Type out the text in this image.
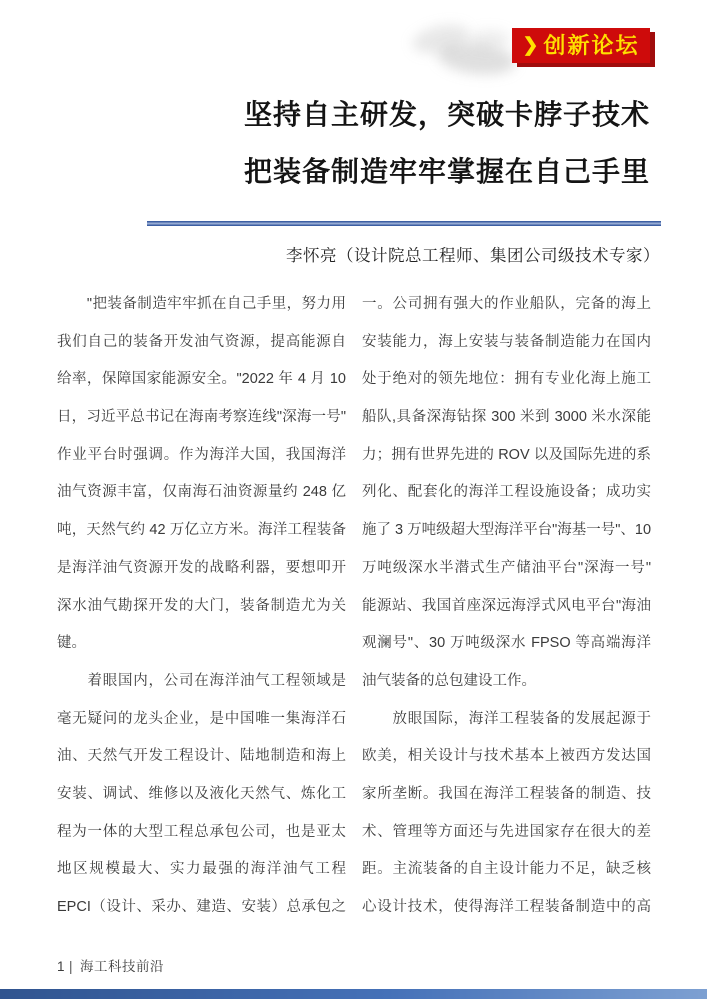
❯ 创新论坛
坚持自主研发，突破卡脖子技术
把装备制造牢牢掌握在自己手里
李怀亮（设计院总工程师、集团公司级技术专家）
　　"把装备制造牢牢抓在自己手里，努力用
我们自己的装备开发油气资源，提高能源自
给率，保障国家能源安全。"2022 年 4 月 10
日，习近平总书记在海南考察连线"深海一号"
作业平台时强调。作为海洋大国，我国海洋
油气资源丰富，仅南海石油资源量约 248 亿
吨，天然气约 42 万亿立方米。海洋工程装备
是海洋油气资源开发的战略利器，要想叩开
深水油气勘探开发的大门，装备制造尤为关
键。
　　着眼国内，公司在海洋油气工程领域是
毫无疑问的龙头企业，是中国唯一集海洋石
油、天然气开发工程设计、陆地制造和海上
安装、调试、维修以及液化天然气、炼化工
程为一体的大型工程总承包公司，也是亚太
地区规模最大、实力最强的海洋油气工程
EPCI（设计、采办、建造、安装）总承包之
一。公司拥有强大的作业船队，完备的海上
安装能力，海上安装与装备制造能力在国内
处于绝对的领先地位：拥有专业化海上施工
船队,具备深海钻探 300 米到 3000 米水深能
力；拥有世界先进的 ROV 以及国际先进的系
列化、配套化的海洋工程设施设备；成功实
施了 3 万吨级超大型海洋平台"海基一号"、10
万吨级深水半潜式生产储油平台"深海一号"
能源站、我国首座深远海浮式风电平台"海油
观澜号"、30 万吨级深水 FPSO 等高端海洋
油气装备的总包建设工作。
　　放眼国际，海洋工程装备的发展起源于
欧美，相关设计与技术基本上被西方发达国
家所垄断。我国在海洋工程装备的制造、技
术、管理等方面还与先进国家存在很大的差
距。主流装备的自主设计能力不足，缺乏核
心设计技术，使得海洋工程装备制造中的高
1 | 海工科技前沿
